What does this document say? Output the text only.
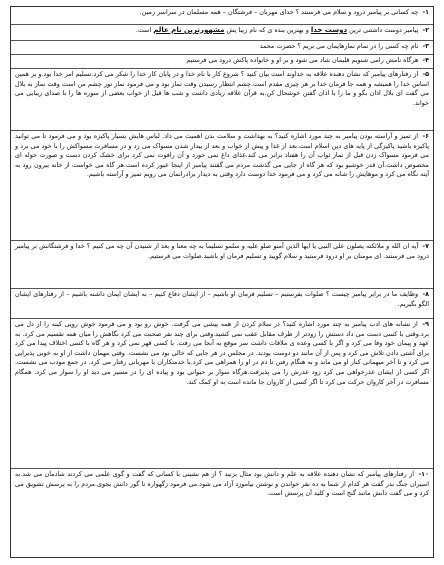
۱- چه کسانی بر پیامبر درود و سلام می فرستند ؟ خدای مهربان – فرشتگان – همه مسلمان در سراسر زمین.
۲- پیامبر دوست داشتنی ترین دوست خدا و بهترین بنده ی که نام زیبا یش مشهورترین نام عالم است.
۳- نام چه کسی را در تمام نمازهایمان می بریم ؟ حضرت محمد
۴- هرگاه نامش رامی شنویم قلبمان شاد می شود و بر او و خانواده پاکش درود می فرستیم
۵- از رفتارهای پیامبر که نشان دهنده علاقه به خداوند است بیان کنید ؟ شروع کار با نام خدا و در پایان کار خدا را شکر می کرد.تسلیم امر خدا بود.و بر همین اساس خدا را همیشه و همه جا فرمان خدا بر هر چیزی مقدم است.چشم انتظار رسیدن وقت نماز بود و می فرمود نماز نور چشم من است وقت نماز به بلال می گفت ای بلال اذان بگو و ما را با اذان گفتن خوشحال کن.به قرآن علاقه زیادی داشت و شب ها قبل از خواب بعضی از سوره ها را با صدای زیبایی می خواند.
۶- از تمیز و آراسته بودن پیامبر به چند مورد اشاره کنید؟ به بهداشت و سلامت بدن اهمیت می داد. لباس هایش بسیار پاکیزه بود و می فرمود تا می توانید پاکیزه باشید پاکیزگی از پایه های دین اسلام است.بعد از غذا و پیش از خواب و بعد از بیدار شدن مسواک می زد و در مسافرت مسواکش را با خود می برد و می فرمود مسواک زدن قبل از نماز ثواب آن را هفتاد برابر می کند.غذای داغ نمی خورد و آن رافوت نمی کرد برای خشک کردن دست و صورت حوله ای مخصوص داشت.آن قدر خوشبو بود که هر گاه از جایی می گذشت مردم می گفتند پیامبر از اینجا عبور کرده است.هر گاه می خواست از خانه بیرون رود به آینه نگاه می کرد و موهایش را شانه می کرد و می فرمود خدا دوست دارد وقتی به دیدار برادرانمان می رویم تمیز و آراسته باشیم.
۷- آیه ان الله و ملائکته یصلون علی النبی یا ایها الذین آمنو صلو علیه و سلمو تسلیما به چه معنا و بعد از شنیدن آن چه می کنیم ؟ خدا و فرشتگانش بر پیامبر درود می فرستند. ای مومنان بر او درود فرستید و سلام گویید و تسلیم فرمان او باشید.صلوات می فرستیم.
۸- وظایف ما در برابر پیامبر چیست ؟ صلوات بفرستیم – تسلیم فرمان او باشیم – از ایشان دفاع کنیم – به ایشان ایمان داشته باشیم – از رفتارهای ایشان الگو بگیریم.
۹- از نشانه های ادب پیامبر به چند مورد اشاره کنید؟ در سلام کردن از همه پیشی می گرفت. خوش رو بود و می فرمود خوش رویی کینه را از دل می برد.وقتی با کسی دست می داد دستش را زودتر از طرف مقابل عقب نمی کشید.وقتی برای چند نفر صحبت می کرد نگاهش را میان همه تقسیم می کرد. به عهد و پیمان خود وفا می کرد و اگر با کسی وعده ی ملاقات داشت سر موقع به آنجا می رفت. با کسی قهر نمی کرد و هر گاه با کسی اختلاف پیدا می کرد برای آشتی دادن تلاش می کرد و پس از آن مانند دو دوست بودند. در مجلس در هر جایی که خالی بود می نشست. وقتی مهمان داشت از او به خوبی پذیرایی می کرد و تا آخر میهمانی کنار او می ماند و به هنگام رفتن تا دم در او را همراهی می کرد.با خدمتکاران با مهربانی رفتار می کرد. در جمع مودب می نشست. اگر کسی از ایشان عذرخواهی می کرد زود عذرش را می پذیرفت.هرگاه سوار بر حیوانی بود و پیاده ای را در مسیر می دید او را سوار می کرد. همگام مسافرت در آخر کاروان حرکت می کرد تا اگر کسی از کاروان جا مانده است به او کمک کند.
۱۰- از رفتارهای پیامبر که نشان دهنده علاقه به علم و دانش بود مثال بزنید ؟ از هم نشینی با کسانی که گفت و گوی علمی می کردند شادمان می شد.به اسیران جنگ بدر گفت هر کدام از شما به ده نفر خواندن و نوشتن بیاموزد آزاد می شود.می فرمود زگهواره تا گور دانش بجوی.مردم را به پرسش تشویق می کرد و می گفت دانش مانند گنج است و کلید آن پرسش است.
